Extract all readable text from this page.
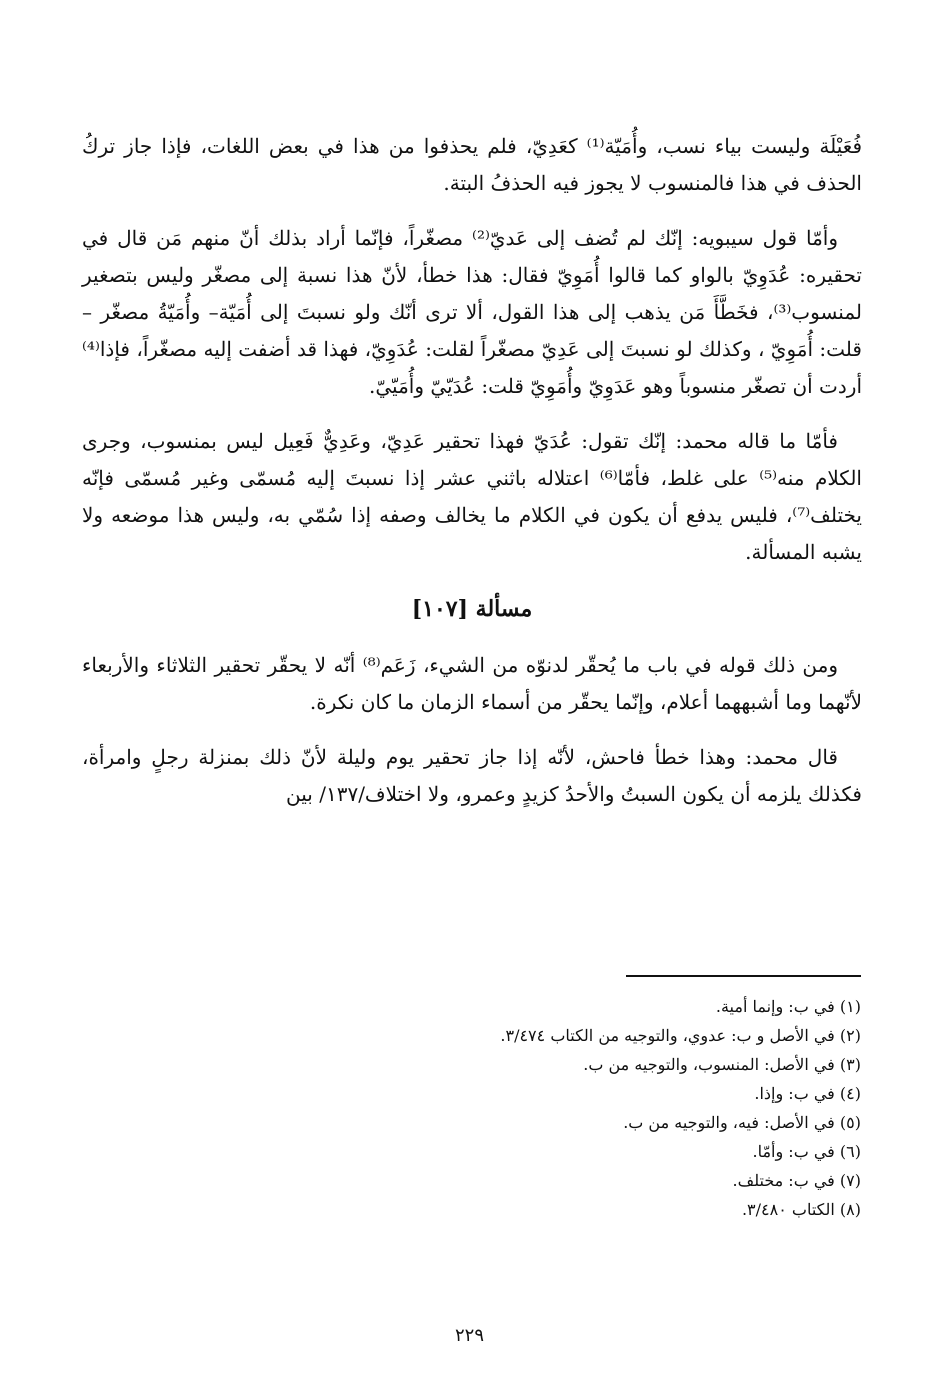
فُعَيْلَة وليست بياء نسب، وأُمَيّة⁽¹⁾ كعَدِيّ، فلم يحذفوا من هذا في بعض اللغات، فإذا جاز تركُ الحذف في هذا فالمنسوب لا يجوز فيه الحذفُ البتة.

وأمّا قول سيبويه: إنّك لم تُضف إلى عَديّ⁽²⁾ مصغّراً، فإنّما أراد بذلك أنّ منهم مَن قال في تحقيره: عُدَوِيّ بالواو كما قالوا أُمَوِيّ فقال: هذا خطأ، لأنّ هذا نسبة إلى مصغّر وليس بتصغير لمنسوب⁽³⁾، فخَطَّأَ مَن يذهب إلى هذا القول، ألا ترى أنّك ولو نسبتَ إلى أُمَيّة– وأُمَيّةُ مصغّر – قلت: أُمَوِيّ ، وكذلك لو نسبتَ إلى عَدِيّ مصغّراً لقلت: عُدَوِيّ، فهذا قد أضفت إليه مصغّراً، فإذا⁽⁴⁾ أردت أن تصغّر منسوباً وهو عَدَوِيّ وأُمَوِيّ قلت: عُدَيّيّ وأُمَيّيّ.

فأمّا ما قاله محمد: إنّك تقول: عُدَيّ فهذا تحقير عَدِيّ، وعَدِيٌّ فَعِيل ليس بمنسوب، وجرى الكلام منه⁽⁵⁾ على غلط، فأمّا⁽⁶⁾ اعتلاله باثني عشر إذا نسبتَ إليه مُسمّى وغير مُسمّى فإنّه يختلف⁽⁷⁾، فليس يدفع أن يكون في الكلام ما يخالف وصفه إذا سُمّي به، وليس هذا موضعه ولا يشبه المسألة.

مسألة [١٠٧]

ومن ذلك قوله في باب ما يُحقّر لدنوّه من الشيء، زَعَم⁽⁸⁾ أنّه لا يحقّر تحقير الثلاثاء والأربعاء لأنّهما وما أشبههما أعلام، وإنّما يحقّر من أسماء الزمان ما كان نكرة.

قال محمد: وهذا خطأ فاحش، لأنّه إذا جاز تحقير يوم وليلة لأنّ ذلك بمنزلة رجلٍ وامرأة، فكذلك يلزمه أن يكون السبتُ والأحدُ كزيدٍ وعمرو، ولا اختلاف/١٣٧/ بين

(١) في ب: وإنما أمية.
(٢) في الأصل و ب: عدوي، والتوجيه من الكتاب ٣/٤٧٤.
(٣) في الأصل: المنسوب، والتوجيه من ب.
(٤) في ب: وإذا.
(٥) في الأصل: فيه، والتوجيه من ب.
(٦) في ب: وأمّا.
(٧) في ب: مختلف.
(٨) الكتاب ٣/٤٨٠.
٢٢٩
